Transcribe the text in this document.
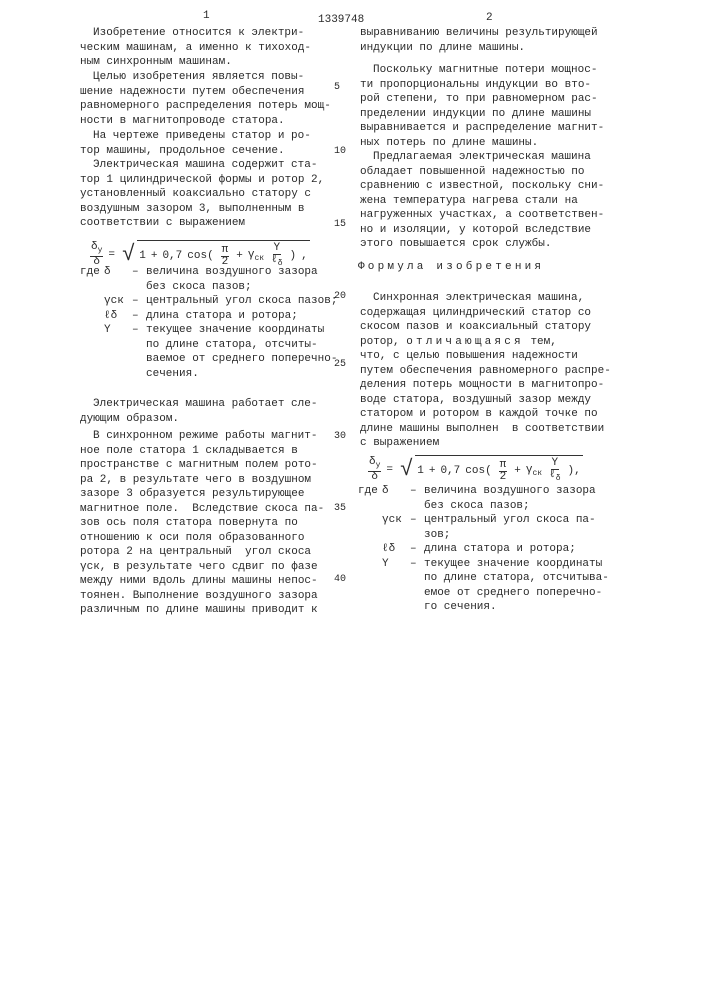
1	1339748	2
5
10
15
20
25
30
35
40
Изобретение относится к электри-
ческим машинам, а именно к тихоход-
ным синхронным машинам.
Целью изобретения является повы-
шение надежности путем обеспечения
равномерного распределения потерь мощ-
ности в магнитопроводе статора.
На чертеже приведены статор и ро-
тор машины, продольное сечение.
Электрическая машина содержит ста-
тор 1 цилиндрической формы и ротор 2,
установленный коаксиально статору с
воздушным зазором 3, выполненным в
соответствии с выражением
δy
δ
= √ 1 + 0,7 cos(
π
2 + γск
Y
ℓδ
) ,
где δ	– величина воздушного зазора
без скоса пазов;
γск – центральный угол скоса пазов;
ℓδ	– длина статора и ротора;
Y	– текущее значение координаты
по длине статора, отсчиты-
ваемое от среднего поперечно-
сечения.
Электрическая машина работает сле-
дующим образом.
В синхронном режиме работы магнит-
ное поле статора 1 складывается в
пространстве с магнитным полем рото-
ра 2, в результате чего в воздушном
зазоре 3 образуется результирующее
магнитное поле.  Вследствие скоса па-
зов ось поля статора повернута по
отношению к оси поля образованного
ротора 2 на центральный  угол скоса
γск, в результате чего сдвиг по фазе
между ними вдоль длины машины непос-
тоянен. Выполнение воздушного зазора
различным по длине машины приводит к
выравниванию величины результирующей
индукции по длине машины.
Поскольку магнитные потери мощнос-
ти пропорциональны индукции во вто-
рой степени, то при равномерном рас-
пределении индукции по длине машины
выравнивается и распределение магнит-
ных потерь по длине машины.
Предлагаемая электрическая машина
обладает повышенной надежностью по
сравнению с известной, поскольку сни-
жена температура нагрева стали на
нагруженных участках, а соответствен-
но и изоляции, у которой вследствие
этого повышается срок службы.
Формула изобретения
Синхронная электрическая машина,
содержащая цилиндрический статор со
скосом пазов и коаксиальный статору
ротор, отличающаяся тем,
что, с целью повышения надежности
путем обеспечения равномерного распре-
деления потерь мощности в магнитопро-
воде статора, воздушный зазор между
статором и ротором в каждой точке по
длине машины выполнен  в соответствии
с выражением
δy
δ
= √ 1 + 0,7 cos(
π
2 + γск
Y
ℓδ
),
где δ	– величина воздушного зазора
без скоса пазов;
γск – центральный угол скоса па-
зов;
ℓδ	– длина статора и ротора;
Y	– текущее значение координаты
по длине статора, отсчитыва-
емое от среднего поперечно-
го сечения.
